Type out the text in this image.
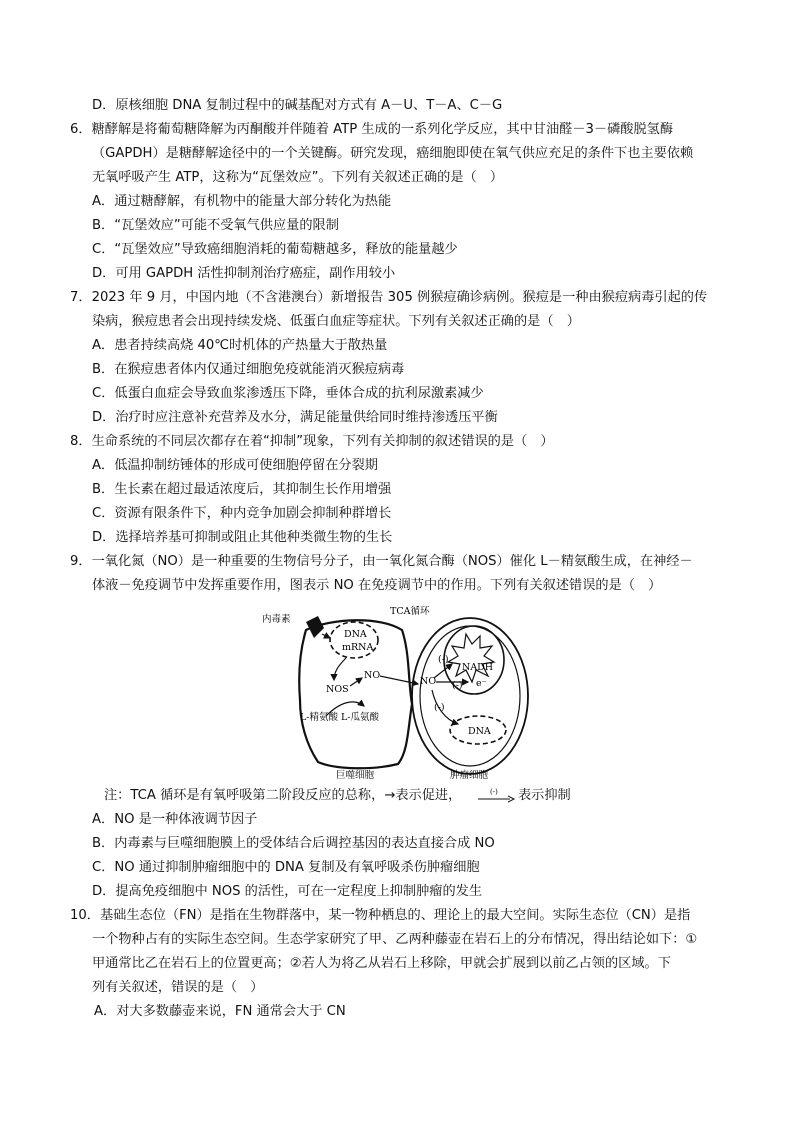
D．原核细胞 DNA 复制过程中的碱基配对方式有 A－U、T－A、C－G
6．糖酵解是将葡萄糖降解为丙酮酸并伴随着 ATP 生成的一系列化学反应，其中甘油醛－3－磷酸脱氢酶
（GAPDH）是糖酵解途径中的一个关键酶。研究发现，癌细胞即使在氧气供应充足的条件下也主要依赖
无氧呼吸产生 ATP，这称为“瓦堡效应”。下列有关叙述正确的是（　）
A．通过糖酵解，有机物中的能量大部分转化为热能
B．“瓦堡效应”可能不受氧气供应量的限制
C．“瓦堡效应”导致癌细胞消耗的葡萄糖越多，释放的能量越少
D．可用 GAPDH 活性抑制剂治疗癌症，副作用较小
7．2023 年 9 月，中国内地（不含港澳台）新增报告 305 例猴痘确诊病例。猴痘是一种由猴痘病毒引起的传
染病，猴痘患者会出现持续发烧、低蛋白血症等症状。下列有关叙述正确的是（　）
A．患者持续高烧 40℃时机体的产热量大于散热量
B．在猴痘患者体内仅通过细胞免疫就能消灭猴痘病毒
C．低蛋白血症会导致血浆渗透压下降，垂体合成的抗利尿激素减少
D．治疗时应注意补充营养及水分，满足能量供给同时维持渗透压平衡
8．生命系统的不同层次都存在着“抑制”现象，下列有关抑制的叙述错误的是（　）
A．低温抑制纺锤体的形成可使细胞停留在分裂期
B．生长素在超过最适浓度后，其抑制生长作用增强
C．资源有限条件下，种内竞争加剧会抑制种群增长
D．选择培养基可抑制或阻止其他种类微生物的生长
9．一氧化氮（NO）是一种重要的生物信号分子，由一氧化氮合酶（NOS）催化 L－精氨酸生成，在神经－
体液－免疫调节中发挥重要作用，图表示 NO 在免疫调节中的作用。下列有关叙述错误的是（　）
内毒素
DNA
mRNA
NOS
NO
L-精氨酸 L-瓜氨酸
TCA循环
NADH
e⁻
NO
(-)
(-)
(-)
DNA
巨噬细胞	肿瘤细胞
注：TCA 循环是有氧呼吸第二阶段反应的总称，→表示促进，	(-) 表示抑制
A．NO 是一种体液调节因子
B．内毒素与巨噬细胞膜上的受体结合后调控基因的表达直接合成 NO
C．NO 通过抑制肿瘤细胞中的 DNA 复制及有氧呼吸杀伤肿瘤细胞
D．提高免疫细胞中 NOS 的活性，可在一定程度上抑制肿瘤的发生
10．基础生态位（FN）是指在生物群落中，某一物种栖息的、理论上的最大空间。实际生态位（CN）是指
一个物种占有的实际生态空间。生态学家研究了甲、乙两种藤壶在岩石上的分布情况，得出结论如下：①
甲通常比乙在岩石上的位置更高；②若人为将乙从岩石上移除，甲就会扩展到以前乙占领的区域。下
列有关叙述，错误的是（　）
A．对大多数藤壶来说，FN 通常会大于 CN
